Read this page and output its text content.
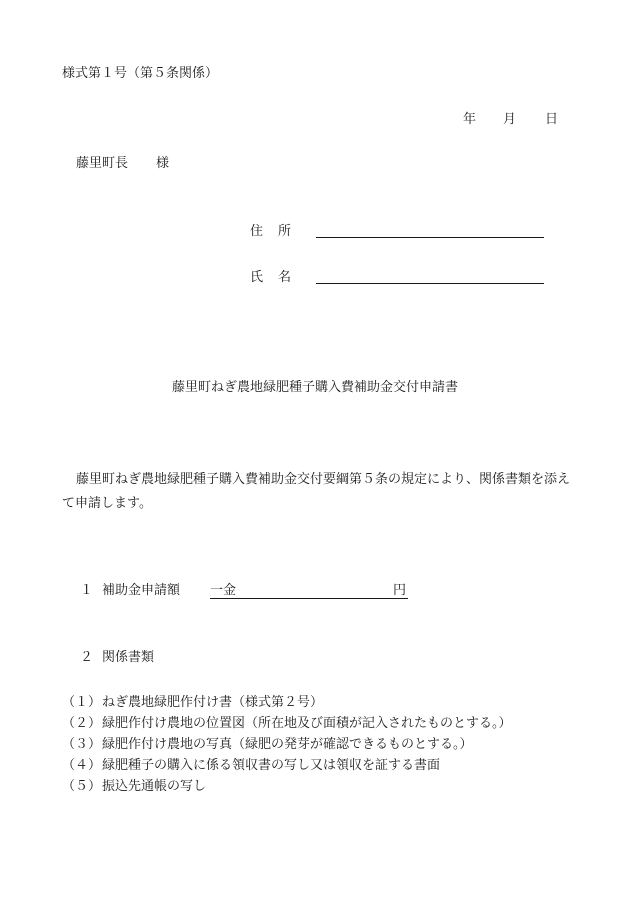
様式第１号（第５条関係）
年 月 日
藤里町長 様
住 所
氏 名
藤里町ねぎ農地緑肥種子購入費補助金交付申請書
藤里町ねぎ農地緑肥種子購入費補助金交付要綱第５条の規定により、関係書類を添えて申請します。
１ 補助金申請額 一金	円
２ 関係書類
（１）ねぎ農地緑肥作付け書（様式第２号）
（２）緑肥作付け農地の位置図（所在地及び面積が記入されたものとする。）
（３）緑肥作付け農地の写真（緑肥の発芽が確認できるものとする。）
（４）緑肥種子の購入に係る領収書の写し又は領収を証する書面
（５）振込先通帳の写し
